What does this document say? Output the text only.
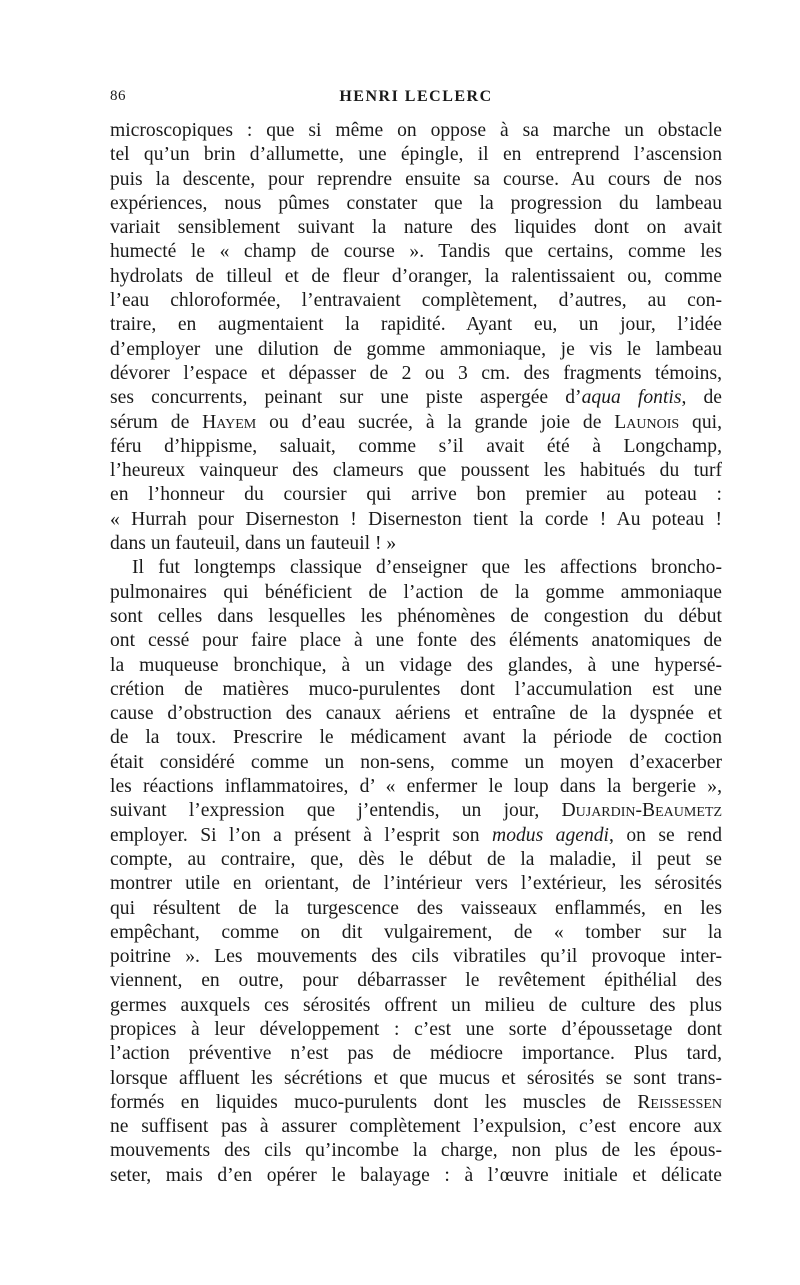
86	HENRI LECLERC
microscopiques : que si même on oppose à sa marche un obstacle
tel qu’un brin d’allumette, une épingle, il en entreprend l’ascension
puis la descente, pour reprendre ensuite sa course. Au cours de nos
expériences, nous pûmes constater que la progression du lambeau
variait sensiblement suivant la nature des liquides dont on avait
humecté le « champ de course ». Tandis que certains, comme les
hydrolats de tilleul et de fleur d’oranger, la ralentissaient ou, comme
l’eau chloroformée, l’entravaient complètement, d’autres, au con-
traire, en augmentaient la rapidité. Ayant eu, un jour, l’idée
d’employer une dilution de gomme ammoniaque, je vis le lambeau
dévorer l’espace et dépasser de 2 ou 3 cm. des fragments témoins,
ses concurrents, peinant sur une piste aspergée d’aqua fontis, de
sérum de Hayem ou d’eau sucrée, à la grande joie de Launois qui,
féru d’hippisme, saluait, comme s’il avait été à Longchamp,
l’heureux vainqueur des clameurs que poussent les habitués du turf
en l’honneur du coursier qui arrive bon premier au poteau :
« Hurrah pour Diserneston ! Diserneston tient la corde ! Au poteau !
dans un fauteuil, dans un fauteuil ! »
Il fut longtemps classique d’enseigner que les affections broncho-
pulmonaires qui bénéficient de l’action de la gomme ammoniaque
sont celles dans lesquelles les phénomènes de congestion du début
ont cessé pour faire place à une fonte des éléments anatomiques de
la muqueuse bronchique, à un vidage des glandes, à une hypersé-
crétion de matières muco-purulentes dont l’accumulation est une
cause d’obstruction des canaux aériens et entraîne de la dyspnée et
de la toux. Prescrire le médicament avant la période de coction
était considéré comme un non-sens, comme un moyen d’exacerber
les réactions inflammatoires, d’ « enfermer le loup dans la bergerie »,
suivant l’expression que j’entendis, un jour, Dujardin-Beaumetz
employer. Si l’on a présent à l’esprit son modus agendi, on se rend
compte, au contraire, que, dès le début de la maladie, il peut se
montrer utile en orientant, de l’intérieur vers l’extérieur, les sérosités
qui résultent de la turgescence des vaisseaux enflammés, en les
empêchant, comme on dit vulgairement, de « tomber sur la
poitrine ». Les mouvements des cils vibratiles qu’il provoque inter-
viennent, en outre, pour débarrasser le revêtement épithélial des
germes auxquels ces sérosités offrent un milieu de culture des plus
propices à leur développement : c’est une sorte d’époussetage dont
l’action préventive n’est pas de médiocre importance. Plus tard,
lorsque affluent les sécrétions et que mucus et sérosités se sont trans-
formés en liquides muco-purulents dont les muscles de Reissessen
ne suffisent pas à assurer complètement l’expulsion, c’est encore aux
mouvements des cils qu’incombe la charge, non plus de les épous-
seter, mais d’en opérer le balayage : à l’œuvre initiale et délicate
